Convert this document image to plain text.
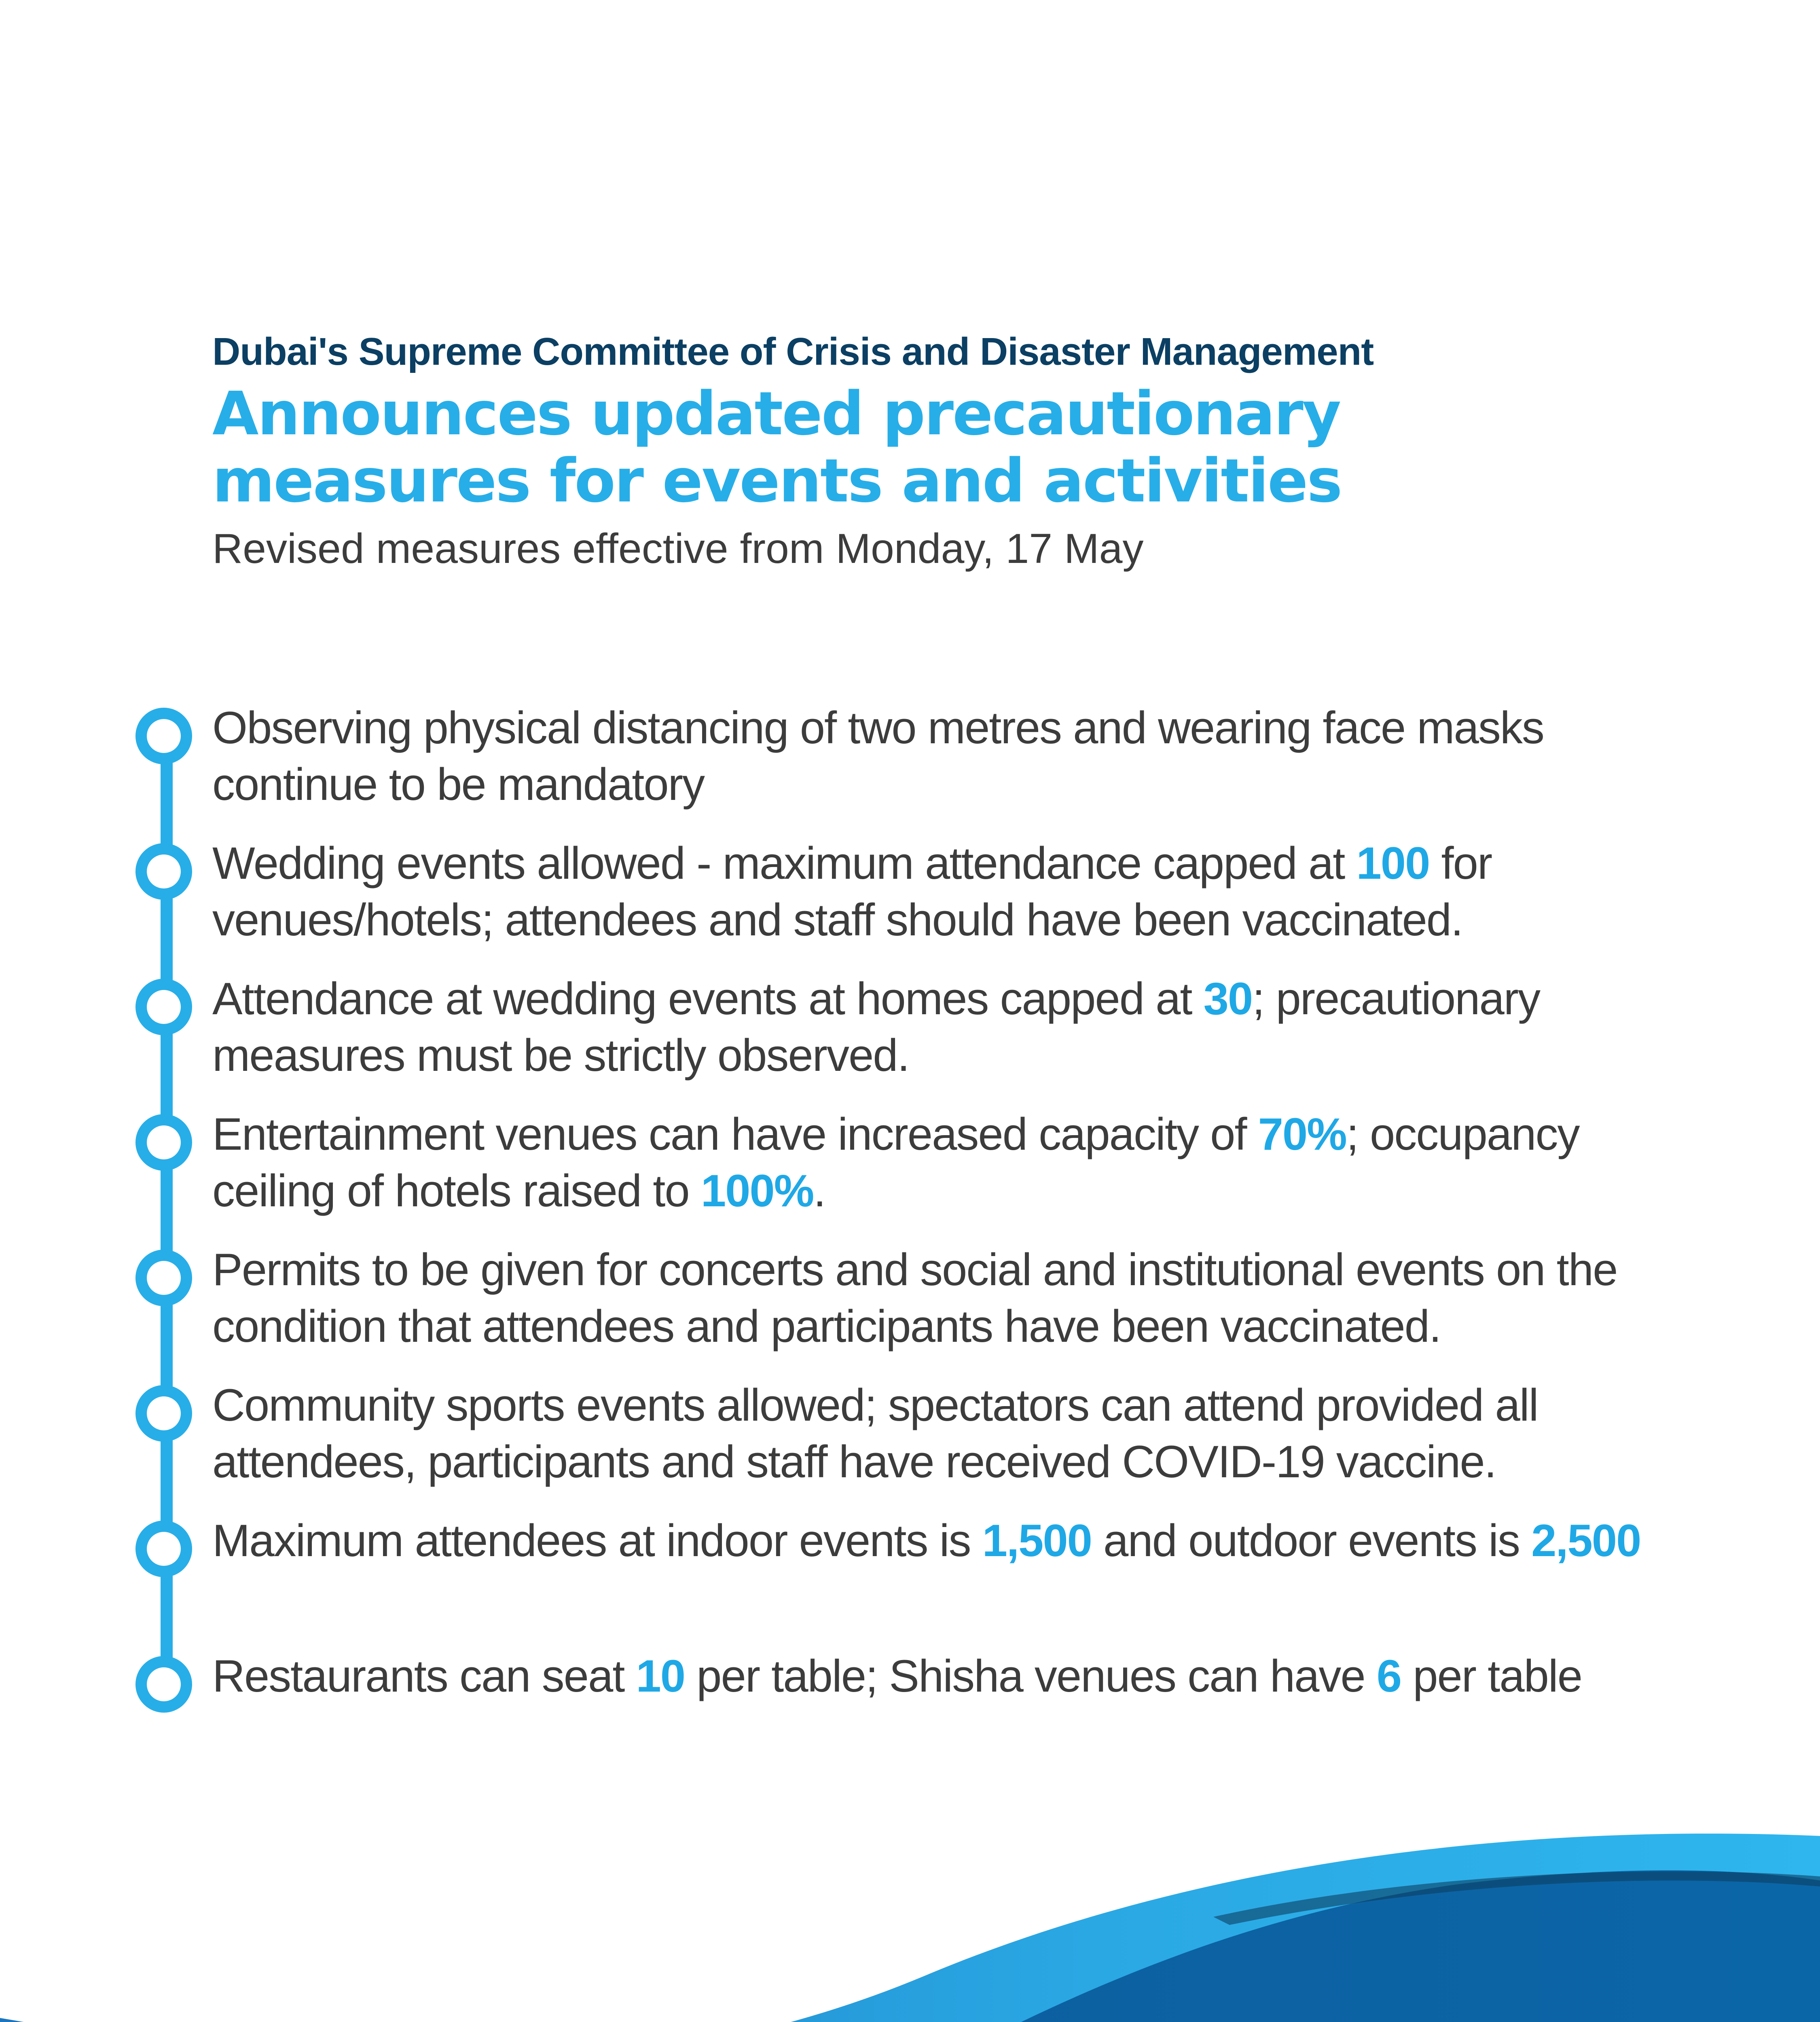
Dubai's Supreme Committee of Crisis and Disaster Management
Announces updated precautionary
measures for events and activities
Revised measures effective from Monday, 17 May
Observing physical distancing of two metres and wearing face masks continue to be mandatory
Wedding events allowed - maximum attendance capped at 100 for venues/hotels; attendees and staff should have been vaccinated.
Attendance at wedding events at homes capped at 30; precautionary measures must be strictly observed.
Entertainment venues can have increased capacity of 70%; occupancy ceiling of hotels raised to 100%.
Permits to be given for concerts and social and institutional events on the condition that attendees and participants have been vaccinated.
Community sports events allowed; spectators can attend provided all attendees, participants and staff have received COVID-19 vaccine.
Maximum attendees at indoor events is 1,500 and outdoor events is 2,500
Restaurants can seat 10 per table; Shisha venues can have 6 per table
